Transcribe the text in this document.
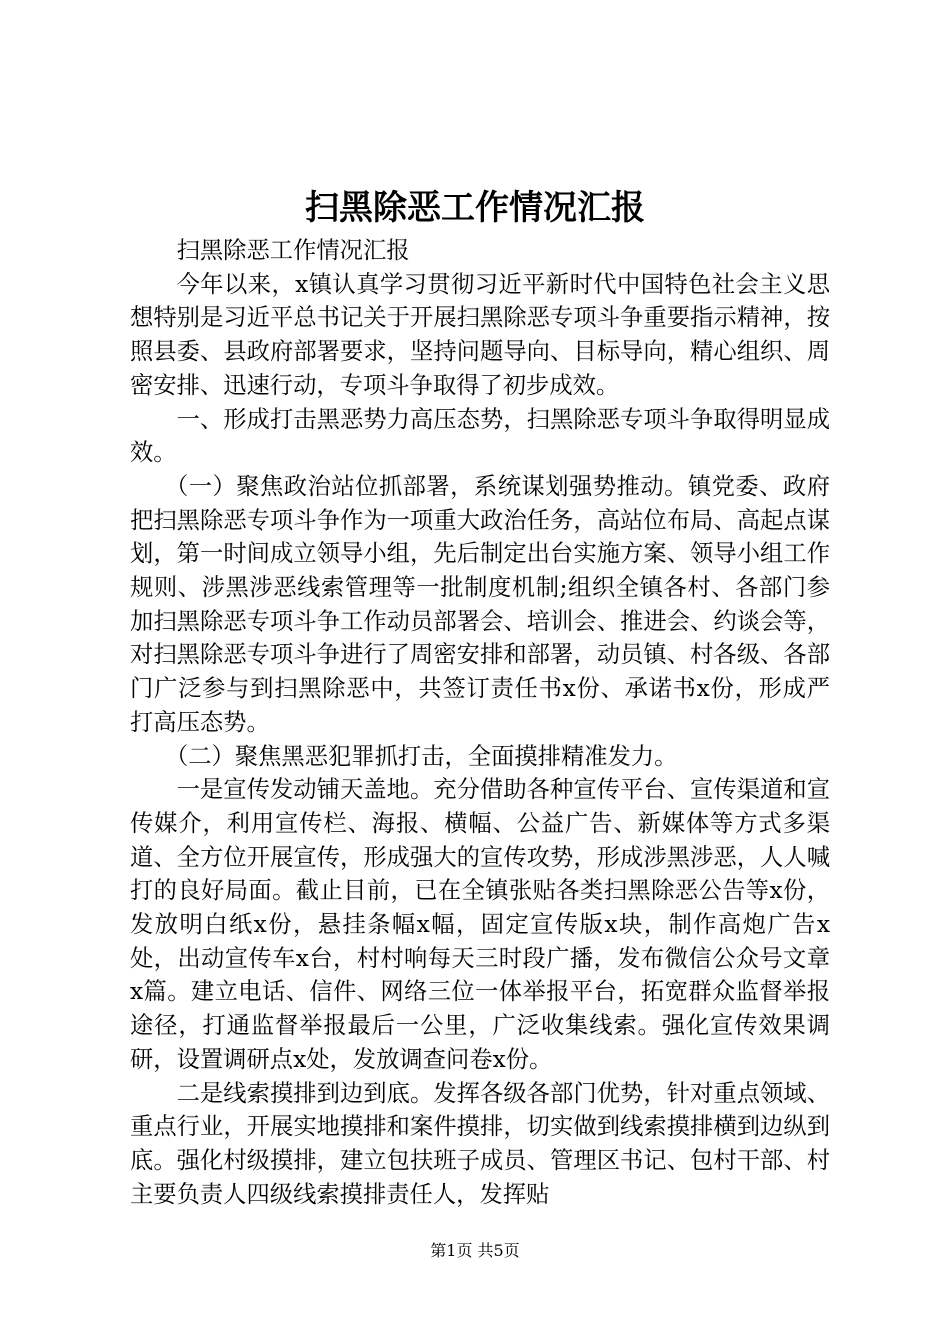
扫黑除恶工作情况汇报

扫黑除恶工作情况汇报

今年以来，x镇认真学习贯彻习近平新时代中国特色社会主义思想特别是习近平总书记关于开展扫黑除恶专项斗争重要指示精神，按照县委、县政府部署要求，坚持问题导向、目标导向，精心组织、周密安排、迅速行动，专项斗争取得了初步成效。

一、形成打击黑恶势力高压态势，扫黑除恶专项斗争取得明显成效。

（一）聚焦政治站位抓部署，系统谋划强势推动。镇党委、政府把扫黑除恶专项斗争作为一项重大政治任务，高站位布局、高起点谋划，第一时间成立领导小组，先后制定出台实施方案、领导小组工作规则、涉黑涉恶线索管理等一批制度机制;组织全镇各村、各部门参加扫黑除恶专项斗争工作动员部署会、培训会、推进会、约谈会等，对扫黑除恶专项斗争进行了周密安排和部署，动员镇、村各级、各部门广泛参与到扫黑除恶中，共签订责任书x份、承诺书x份，形成严打高压态势。

（二）聚焦黑恶犯罪抓打击，全面摸排精准发力。

一是宣传发动铺天盖地。充分借助各种宣传平台、宣传渠道和宣传媒介，利用宣传栏、海报、横幅、公益广告、新媒体等方式多渠道、全方位开展宣传，形成强大的宣传攻势，形成涉黑涉恶，人人喊打的良好局面。截止目前，已在全镇张贴各类扫黑除恶公告等x份，发放明白纸x份，悬挂条幅x幅，固定宣传版x块，制作高炮广告x处，出动宣传车x台，村村响每天三时段广播，发布微信公众号文章x篇。建立电话、信件、网络三位一体举报平台，拓宽群众监督举报途径，打通监督举报最后一公里，广泛收集线索。强化宣传效果调研，设置调研点x处，发放调查问卷x份。

二是线索摸排到边到底。发挥各级各部门优势，针对重点领域、重点行业，开展实地摸排和案件摸排，切实做到线索摸排横到边纵到底。强化村级摸排，建立包扶班子成员、管理区书记、包村干部、村主要负责人四级线索摸排责任人，发挥贴

第1页 共5页
